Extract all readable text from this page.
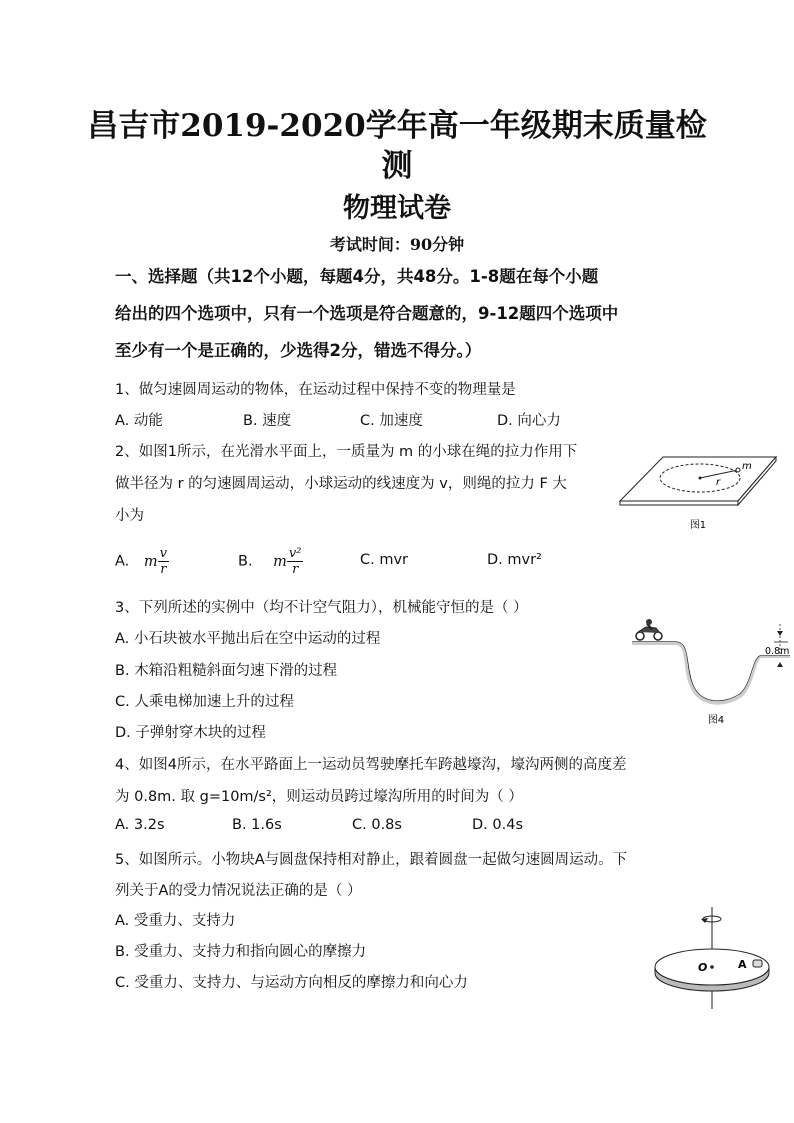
昌吉市2019-2020学年高一年级期末质量检
测
物理试卷
考试时间：90分钟
一、选择题（共12个小题，每题4分，共48分。1-8题在每个小题
给出的四个选项中，只有一个选项是符合题意的，9-12题四个选项中
至少有一个是正确的，少选得2分，错选不得分。）
1、做匀速圆周运动的物体，在运动过程中保持不变的物理量是
A. 动能	B. 速度	C. 加速度	D. 向心力
2、如图1所示，在光滑水平面上，一质量为 m 的小球在绳的拉力作用下
做半径为 r 的匀速圆周运动，小球运动的线速度为 v，则绳的拉力 F 大
小为
A. m $\frac{v}{r}$	B. m $\frac{\text{v²}}{r}$	C. mvr	D. mvr²
m
r
图1
3、下列所述的实例中（均不计空气阻力），机械能守恒的是（ ）
A. 小石块被水平抛出后在空中运动的过程
B. 木箱沿粗糙斜面匀速下滑的过程
C. 人乘电梯加速上升的过程
D. 子弹射穿木块的过程
0.8m
图4
4、如图4所示，在水平路面上一运动员驾驶摩托车跨越壕沟，壕沟两侧的高度差
为 0.8m. 取 g=10m/s²，则运动员跨过壕沟所用的时间为（ ）
A. 3.2s	B. 1.6s	C. 0.8s	D. 0.4s
5、如图所示。小物块A与圆盘保持相对静止，跟着圆盘一起做匀速圆周运动。下
列关于A的受力情况说法正确的是（ ）
A. 受重力、支持力
B. 受重力、支持力和指向圆心的摩擦力
C. 受重力、支持力、与运动方向相反的摩擦力和向心力
O	A
